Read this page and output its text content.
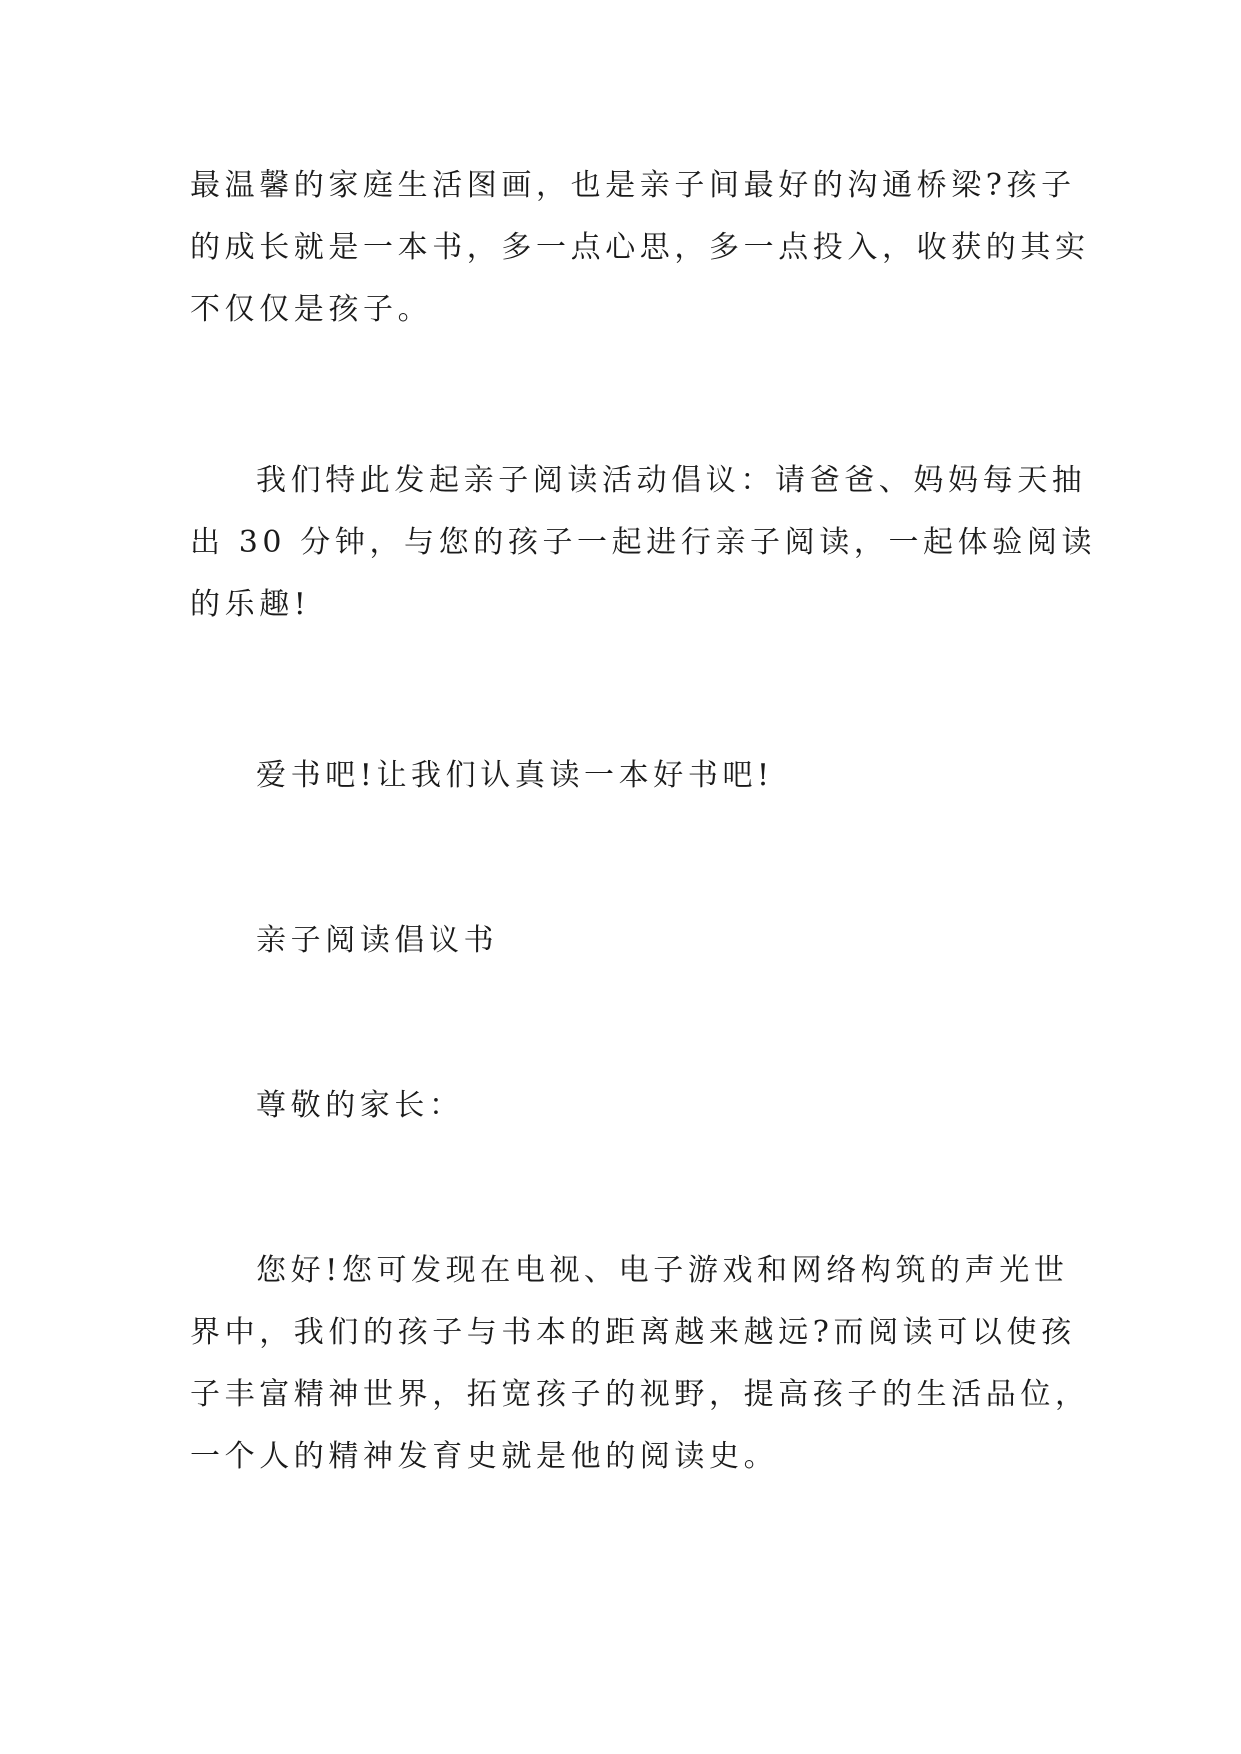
最温馨的家庭生活图画，也是亲子间最好的沟通桥梁?孩子
的成长就是一本书，多一点心思，多一点投入，收获的其实
不仅仅是孩子。
我们特此发起亲子阅读活动倡议：请爸爸、妈妈每天抽
出 30 分钟，与您的孩子一起进行亲子阅读，一起体验阅读
的乐趣!
爱书吧!让我们认真读一本好书吧!
亲子阅读倡议书
尊敬的家长：
您好!您可发现在电视、电子游戏和网络构筑的声光世
界中，我们的孩子与书本的距离越来越远?而阅读可以使孩
子丰富精神世界，拓宽孩子的视野，提高孩子的生活品位，
一个人的精神发育史就是他的阅读史。
